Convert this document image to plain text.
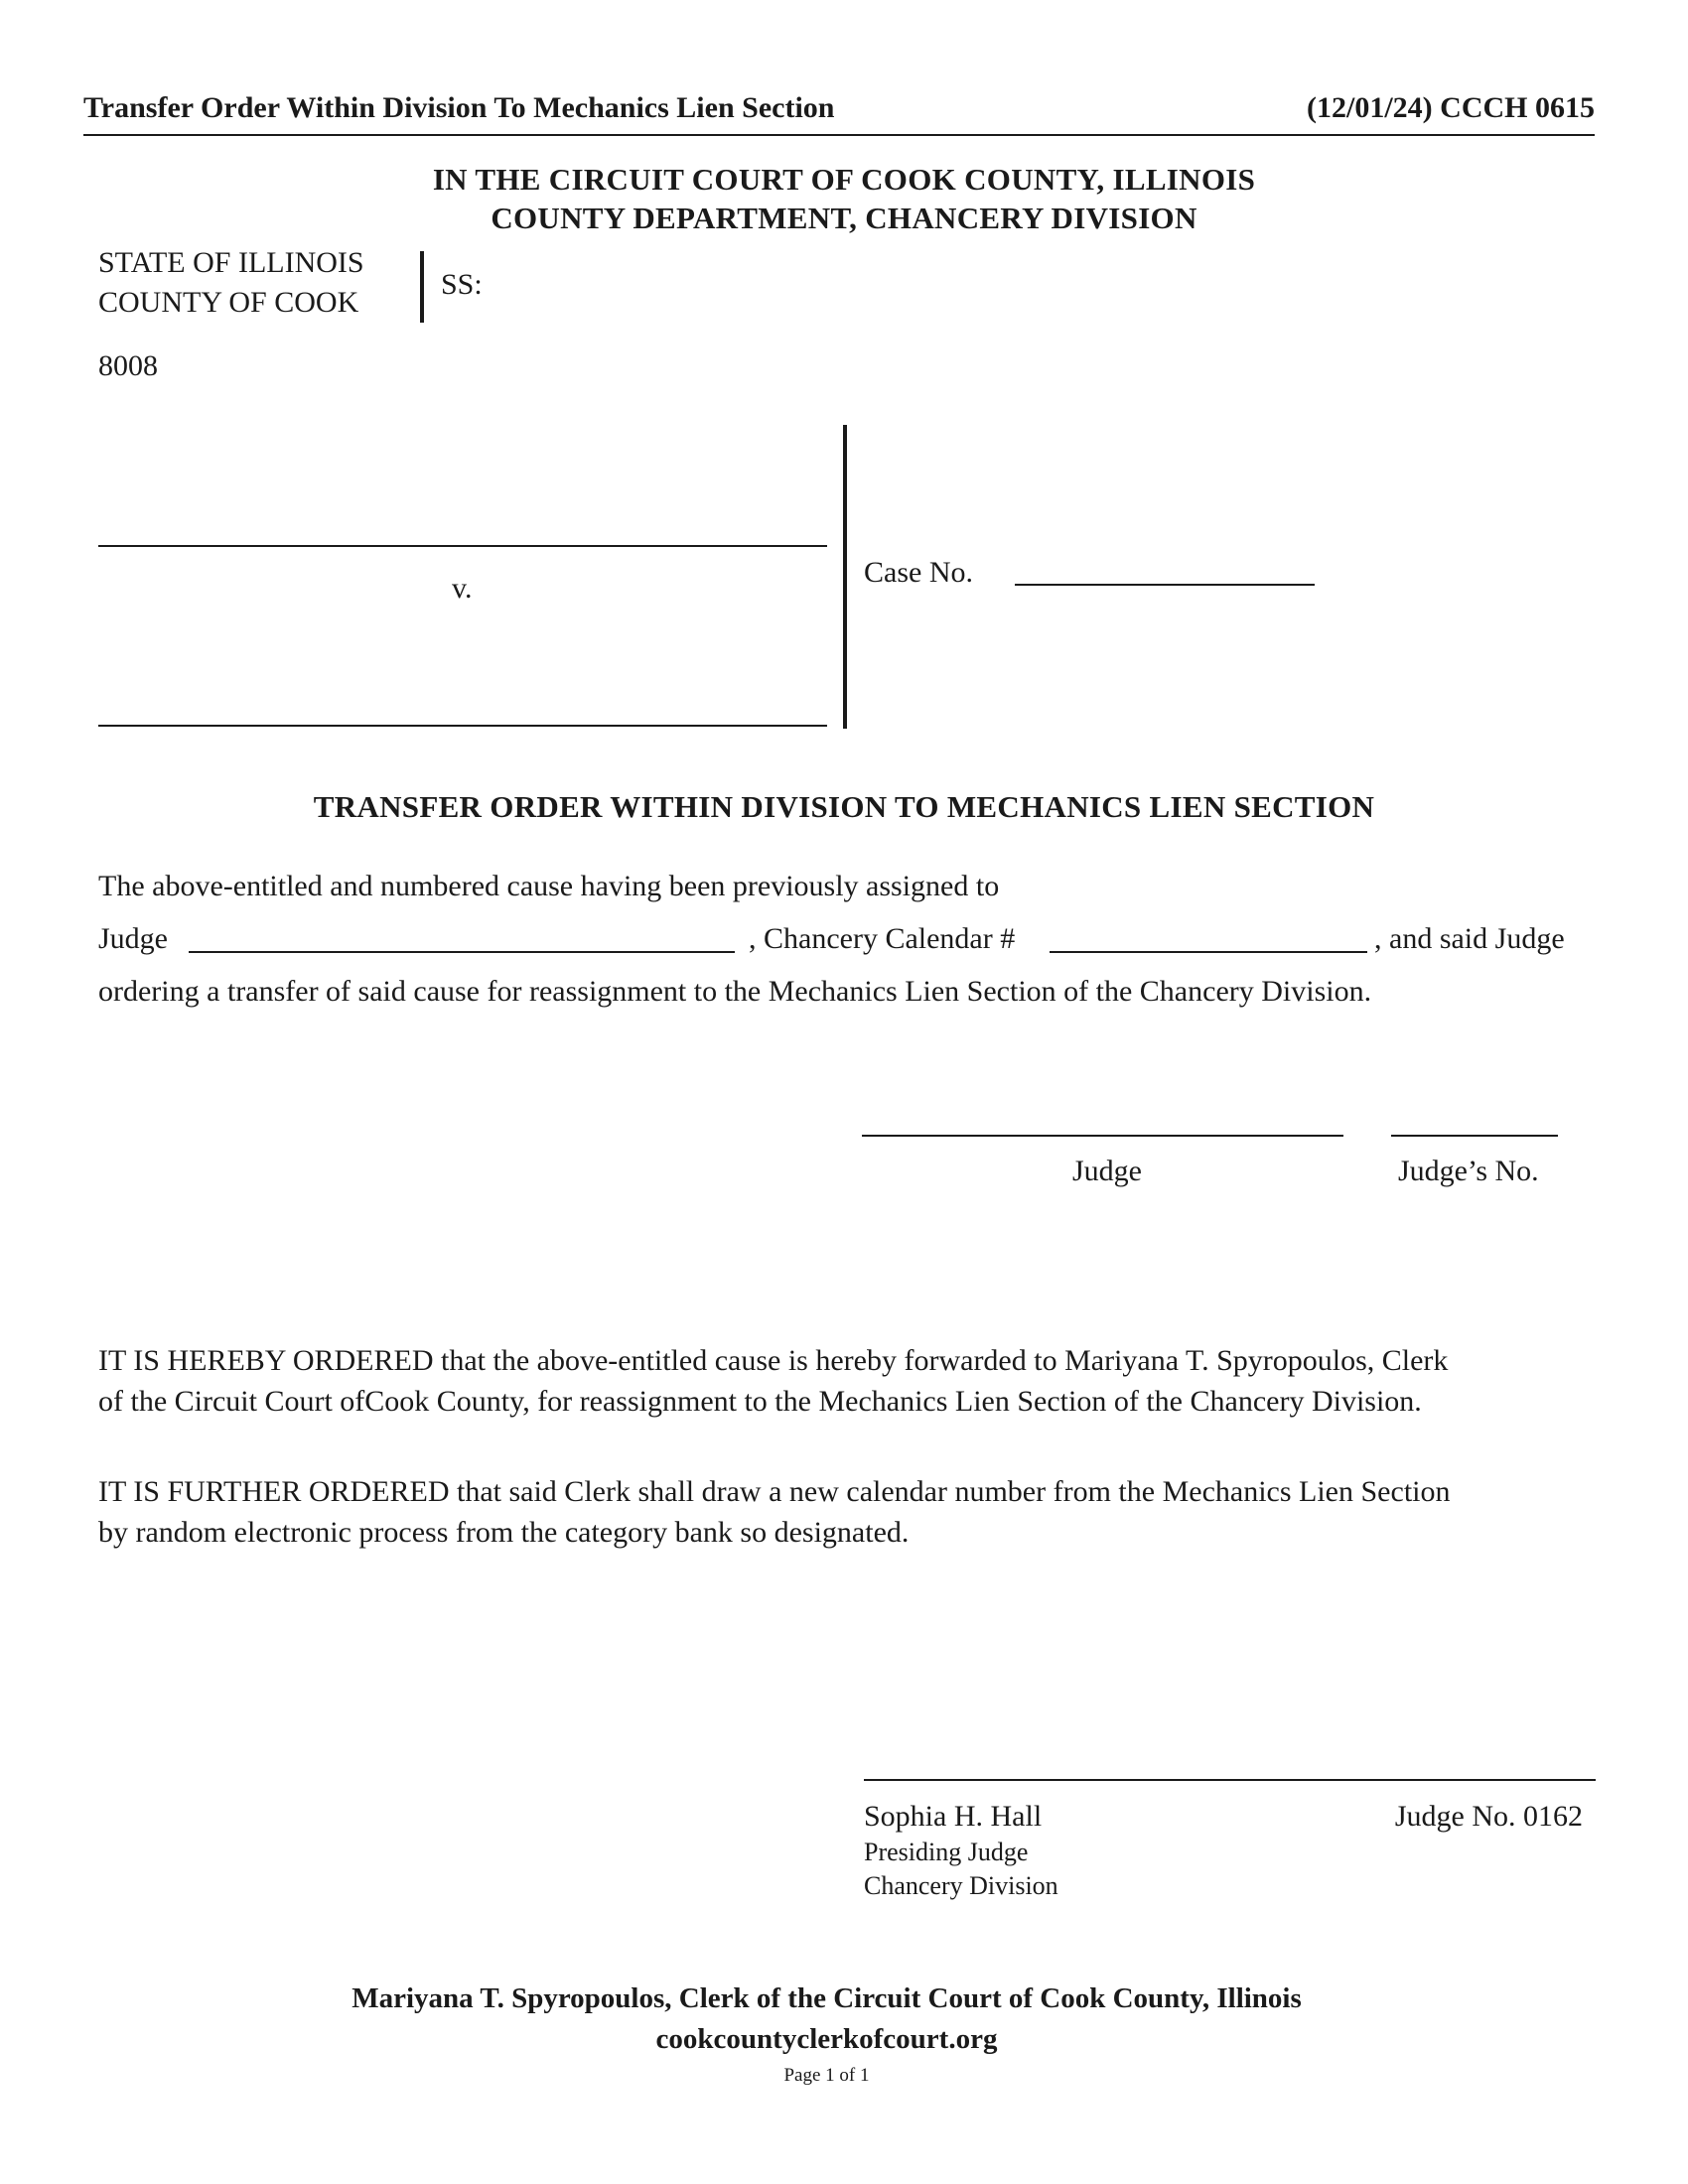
Transfer Order Within Division To Mechanics Lien Section	(12/01/24) CCCH 0615
IN THE CIRCUIT COURT OF COOK COUNTY, ILLINOIS
COUNTY DEPARTMENT, CHANCERY DIVISION
STATE OF ILLINOIS
COUNTY OF COOK
SS:
8008
v.	Case No.
TRANSFER ORDER WITHIN DIVISION TO MECHANICS LIEN SECTION
The above-entitled and numbered cause having been previously assigned to
Judge	, Chancery Calendar #	, and said Judge
ordering a transfer of said cause for reassignment to the Mechanics Lien Section of the Chancery Division.
Judge	Judge’s No.
IT IS HEREBY ORDERED that the above-entitled cause is hereby forwarded to Mariyana T. Spyropoulos, Clerk
of the Circuit Court ofCook County, for reassignment to the Mechanics Lien Section of the Chancery Division.
IT IS FURTHER ORDERED that said Clerk shall draw a new calendar number from the Mechanics Lien Section
by random electronic process from the category bank so designated.
Sophia H. Hall	Judge No. 0162
Presiding Judge
Chancery Division
Mariyana T. Spyropoulos, Clerk of the Circuit Court of Cook County, Illinois
cookcountyclerkofcourt.org
Page 1 of 1
